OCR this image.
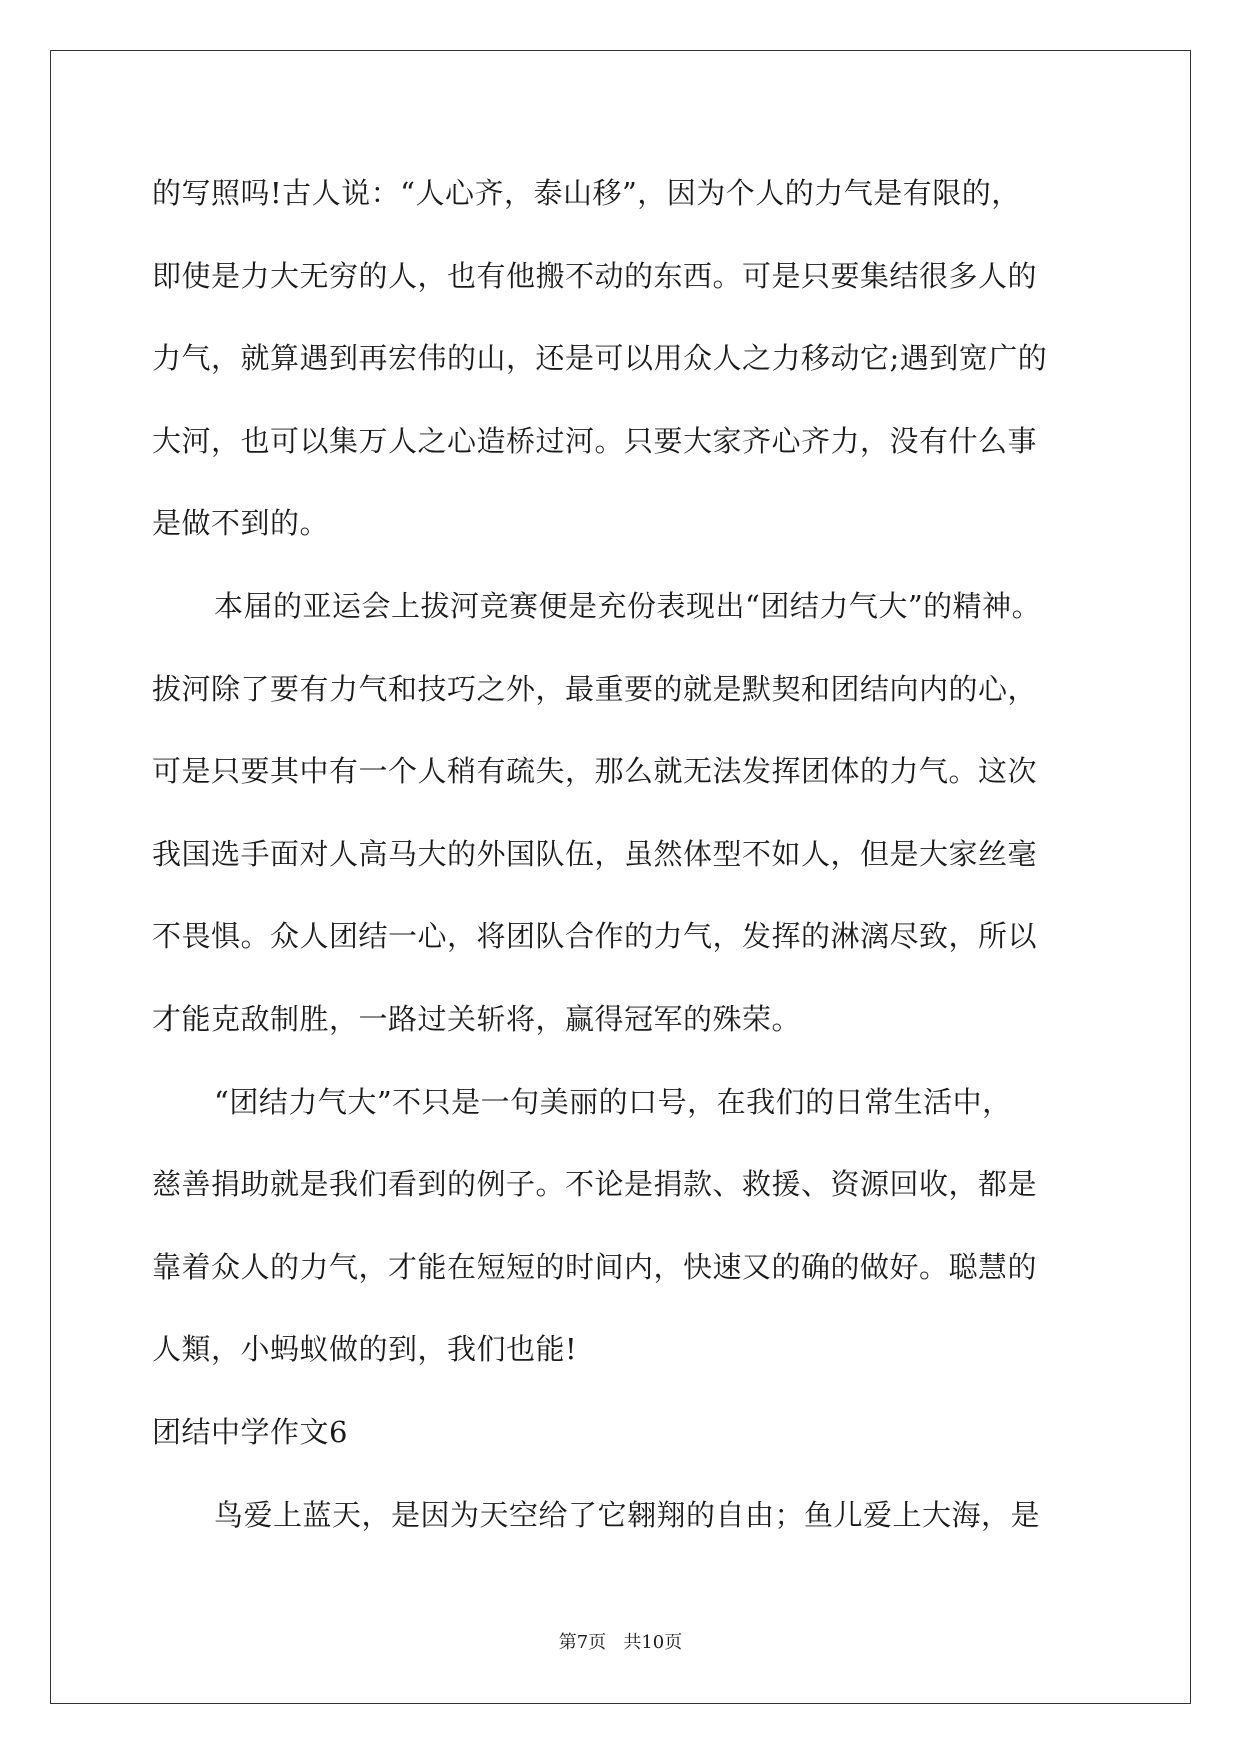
的写照吗!古人说：“人心齐，泰山移”，因为个人的力气是有限的，
即使是力大无穷的人，也有他搬不动的东西。可是只要集结很多人的
力气，就算遇到再宏伟的山，还是可以用众人之力移动它;遇到宽广的
大河，也可以集万人之心造桥过河。只要大家齐心齐力，没有什么事
是做不到的。
本届的亚运会上拔河竞赛便是充份表现出“团结力气大”的精神。
拔河除了要有力气和技巧之外，最重要的就是默契和团结向内的心，
可是只要其中有一个人稍有疏失，那么就无法发挥团体的力气。这次
我国选手面对人高马大的外国队伍，虽然体型不如人，但是大家丝毫
不畏惧。众人团结一心，将团队合作的力气，发挥的淋漓尽致，所以
才能克敌制胜，一路过关斩将，赢得冠军的殊荣。
“团结力气大”不只是一句美丽的口号，在我们的日常生活中，
慈善捐助就是我们看到的例子。不论是捐款、救援、资源回收，都是
靠着众人的力气，才能在短短的时间内，快速又的确的做好。聪慧的
人類，小蚂蚁做的到，我们也能!
团结中学作文6
鸟爱上蓝天，是因为天空给了它翱翔的自由；鱼儿爱上大海，是
第7页 共10页
